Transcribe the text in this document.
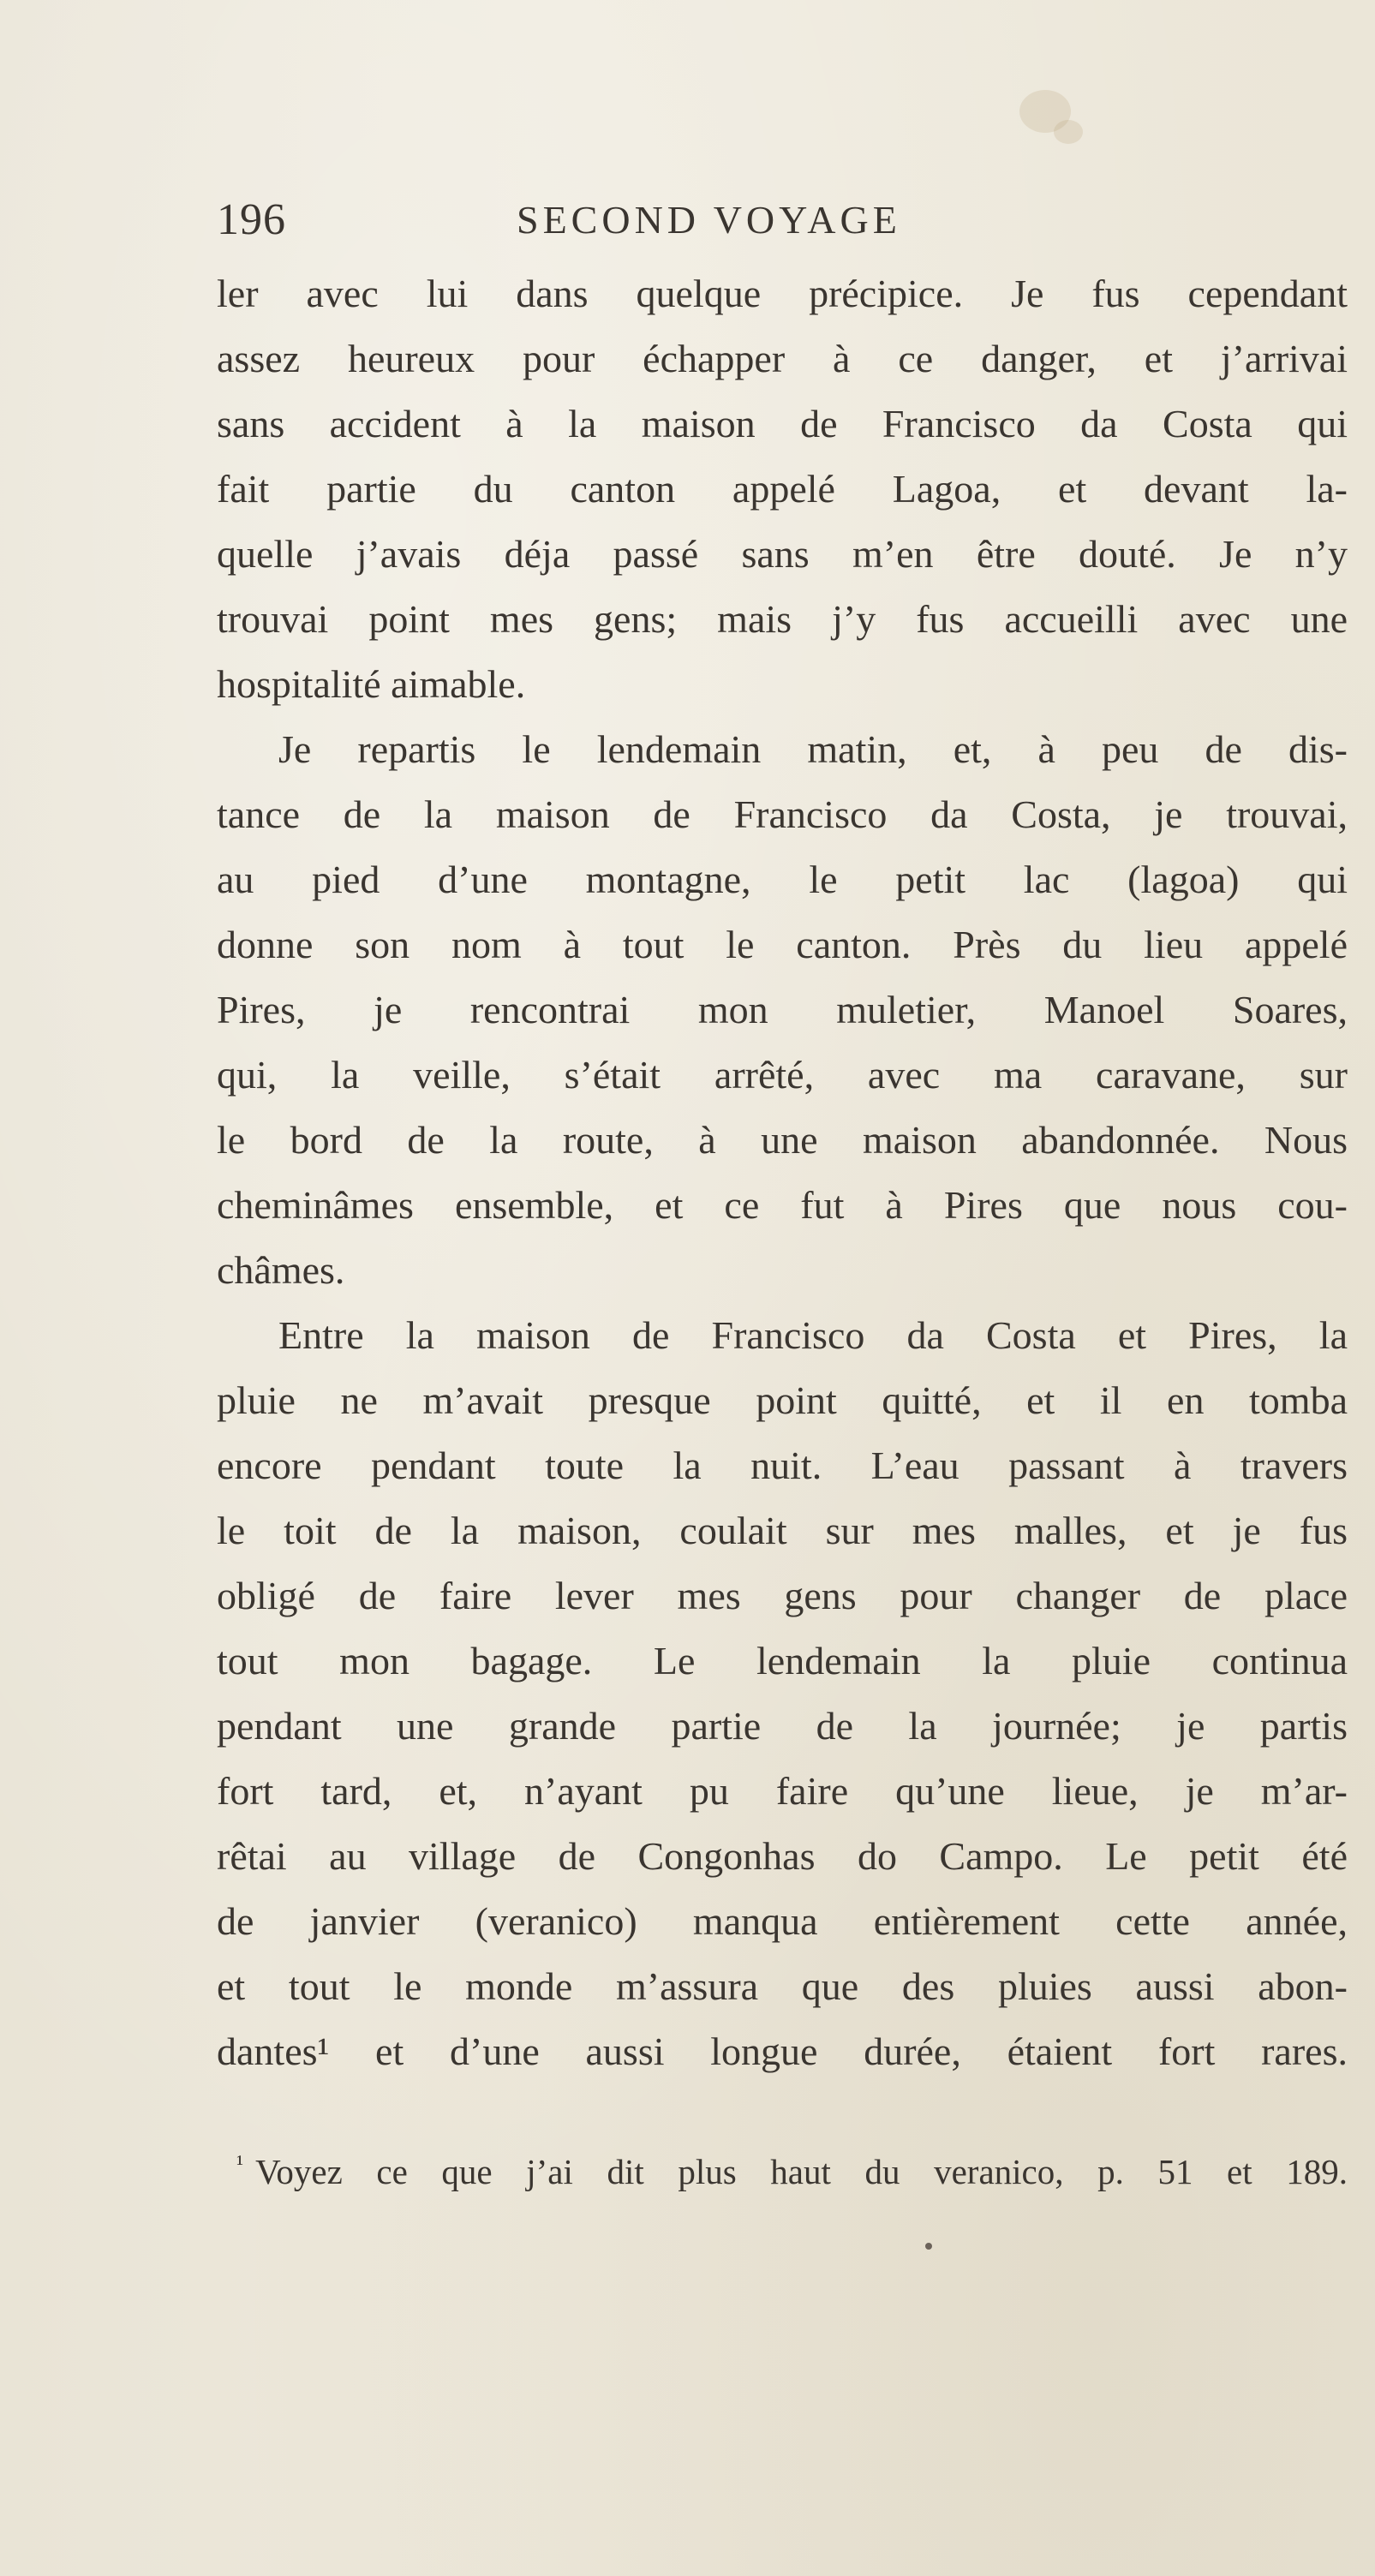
196	SECOND VOYAGE
ler avec lui dans quelque précipice. Je fus cependant
assez heureux pour échapper à ce danger, et j’arrivai
sans accident à la maison de Francisco da Costa qui
fait partie du canton appelé Lagoa, et devant la-
quelle j’avais déja passé sans m’en être douté. Je n’y
trouvai point mes gens; mais j’y fus accueilli avec une
hospitalité aimable.
Je repartis le lendemain matin, et, à peu de dis-
tance de la maison de Francisco da Costa, je trouvai,
au pied d’une montagne, le petit lac (lagoa) qui
donne son nom à tout le canton. Près du lieu appelé
Pires, je rencontrai mon muletier, Manoel Soares,
qui, la veille, s’était arrêté, avec ma caravane, sur
le bord de la route, à une maison abandonnée. Nous
cheminâmes ensemble, et ce fut à Pires que nous cou-
châmes.
Entre la maison de Francisco da Costa et Pires, la
pluie ne m’avait presque point quitté, et il en tomba
encore pendant toute la nuit. L’eau passant à travers
le toit de la maison, coulait sur mes malles, et je fus
obligé de faire lever mes gens pour changer de place
tout mon bagage. Le lendemain la pluie continua
pendant une grande partie de la journée; je partis
fort tard, et, n’ayant pu faire qu’une lieue, je m’ar-
rêtai au village de Congonhas do Campo. Le petit été
de janvier (veranico) manqua entièrement cette année,
et tout le monde m’assura que des pluies aussi abon-
dantes¹ et d’une aussi longue durée, étaient fort rares.
$^{^1}$ Voyez ce que j’ai dit plus haut du veranico, p. 51 et 189.
